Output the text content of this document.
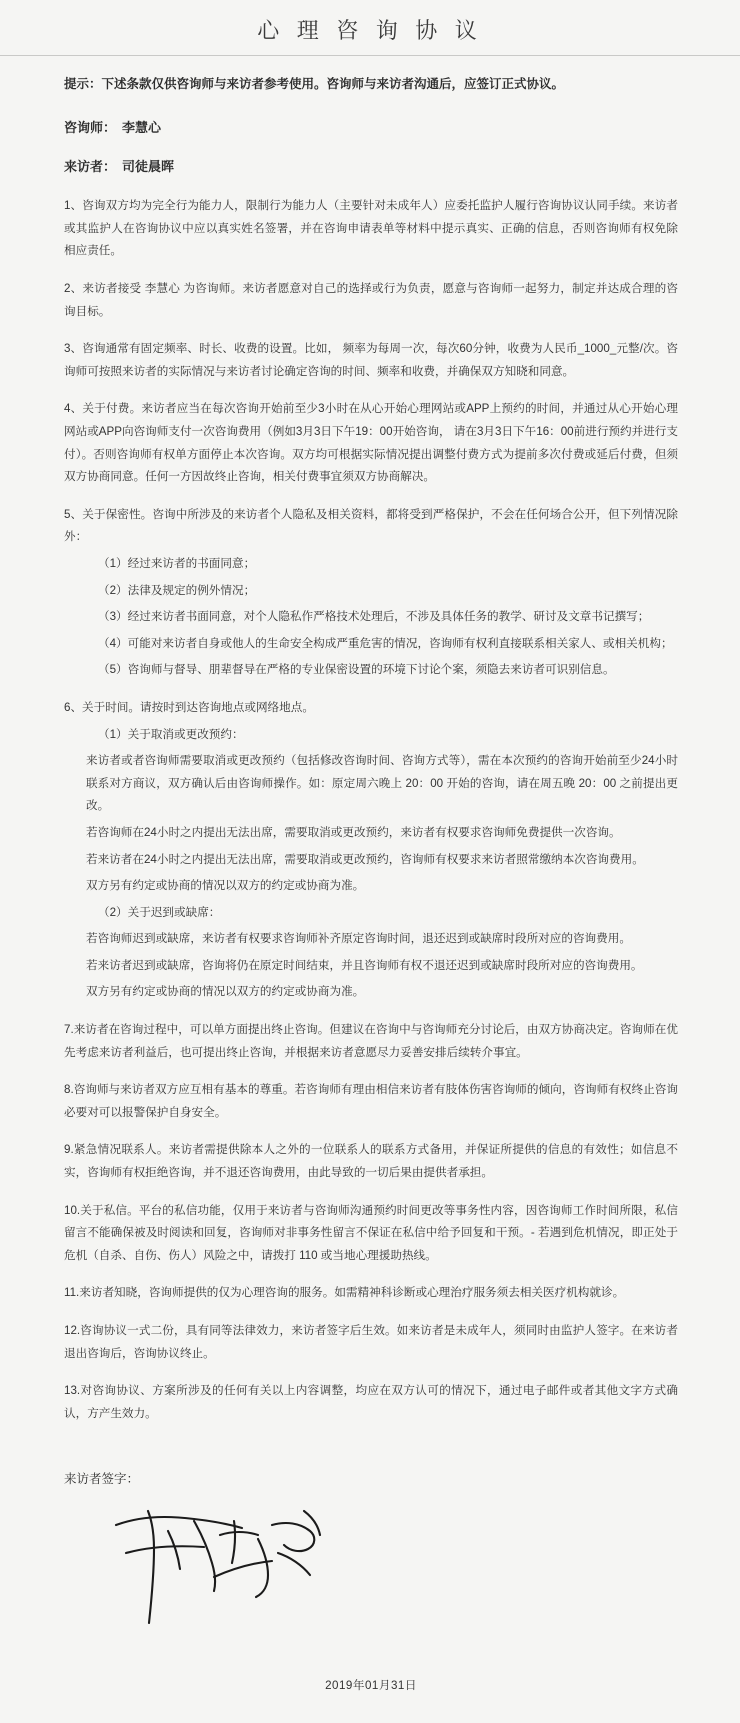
心 理 咨 询 协 议
提示：下述条款仅供咨询师与来访者参考使用。咨询师与来访者沟通后，应签订正式协议。
咨询师： 李慧心
来访者： 司徒晨晖

1、咨询双方均为完全行为能力人，限制行为能力人（主要针对未成年人）应委托监护人履行咨询协议认同手续。来访者或其监护人在咨询协议中应以真实姓名签署，并在咨询申请表单等材料中提示真实、正确的信息，否则咨询师有权免除相应责任。

2、来访者接受 李慧心 为咨询师。来访者愿意对自己的选择或行为负责，愿意与咨询师一起努力，制定并达成合理的咨询目标。

3、咨询通常有固定频率、时长、收费的设置。比如， 频率为每周一次，每次60分钟，收费为人民币_1000_元整/次。咨询师可按照来访者的实际情况与来访者讨论确定咨询的时间、频率和收费，并确保双方知晓和同意。

4、关于付费。来访者应当在每次咨询开始前至少3小时在从心开始心理网站或APP上预约的时间，并通过从心开始心理网站或APP向咨询师支付一次咨询费用（例如3月3日下午19：00开始咨询， 请在3月3日下午16：00前进行预约并进行支付）。否则咨询师有权单方面停止本次咨询。双方均可根据实际情况提出调整付费方式为提前多次付费或延后付费，但须双方协商同意。任何一方因故终止咨询，相关付费事宜须双方协商解决。

5、关于保密性。咨询中所涉及的来访者个人隐私及相关资料，都将受到严格保护，不会在任何场合公开，但下列情况除外：

（1）经过来访者的书面同意；

（2）法律及规定的例外情况；

（3）经过来访者书面同意，对个人隐私作严格技术处理后，不涉及具体任务的教学、研讨及文章书记撰写；

（4）可能对来访者自身或他人的生命安全构成严重危害的情况，咨询师有权利直接联系相关家人、或相关机构；

（5）咨询师与督导、朋辈督导在严格的专业保密设置的环境下讨论个案，须隐去来访者可识别信息。

6、关于时间。请按时到达咨询地点或网络地点。

（1）关于取消或更改预约：

来访者或者咨询师需要取消或更改预约（包括修改咨询时间、咨询方式等），需在本次预约的咨询开始前至少24小时联系对方商议，双方确认后由咨询师操作。如：原定周六晚上 20：00 开始的咨询，请在周五晚 20：00 之前提出更改。

若咨询师在24小时之内提出无法出席，需要取消或更改预约，来访者有权要求咨询师免费提供一次咨询。

若来访者在24小时之内提出无法出席，需要取消或更改预约，咨询师有权要求来访者照常缴纳本次咨询费用。

双方另有约定或协商的情况以双方的约定或协商为准。

（2）关于迟到或缺席：

若咨询师迟到或缺席，来访者有权要求咨询师补齐原定咨询时间，退还迟到或缺席时段所对应的咨询费用。

若来访者迟到或缺席，咨询将仍在原定时间结束，并且咨询师有权不退还迟到或缺席时段所对应的咨询费用。

双方另有约定或协商的情况以双方的约定或协商为准。

7.来访者在咨询过程中，可以单方面提出终止咨询。但建议在咨询中与咨询师充分讨论后，由双方协商决定。咨询师在优先考虑来访者利益后，也可提出终止咨询，并根据来访者意愿尽力妥善安排后续转介事宜。

8.咨询师与来访者双方应互相有基本的尊重。若咨询师有理由相信来访者有肢体伤害咨询师的倾向，咨询师有权终止咨询必要对可以报警保护自身安全。

9.紧急情况联系人。来访者需提供除本人之外的一位联系人的联系方式备用，并保证所提供的信息的有效性；如信息不实，咨询师有权拒绝咨询，并不退还咨询费用，由此导致的一切后果由提供者承担。

10.关于私信。平台的私信功能，仅用于来访者与咨询师沟通预约时间更改等事务性内容，因咨询师工作时间所限，私信留言不能确保被及时阅读和回复，咨询师对非事务性留言不保证在私信中给予回复和干预。- 若遇到危机情况，即正处于危机（自杀、自伤、伤人）风险之中，请拨打 110 或当地心理援助热线。

11.来访者知晓，咨询师提供的仅为心理咨询的服务。如需精神科诊断或心理治疗服务须去相关医疗机构就诊。

12.咨询协议一式二份，具有同等法律效力，来访者签字后生效。如来访者是未成年人，须同时由监护人签字。在来访者退出咨询后，咨询协议终止。

13.对咨询协议、方案所涉及的任何有关以上内容调整，均应在双方认可的情况下，通过电子邮件或者其他文字方式确认，方产生效力。

来访者签字：
2019年01月31日
